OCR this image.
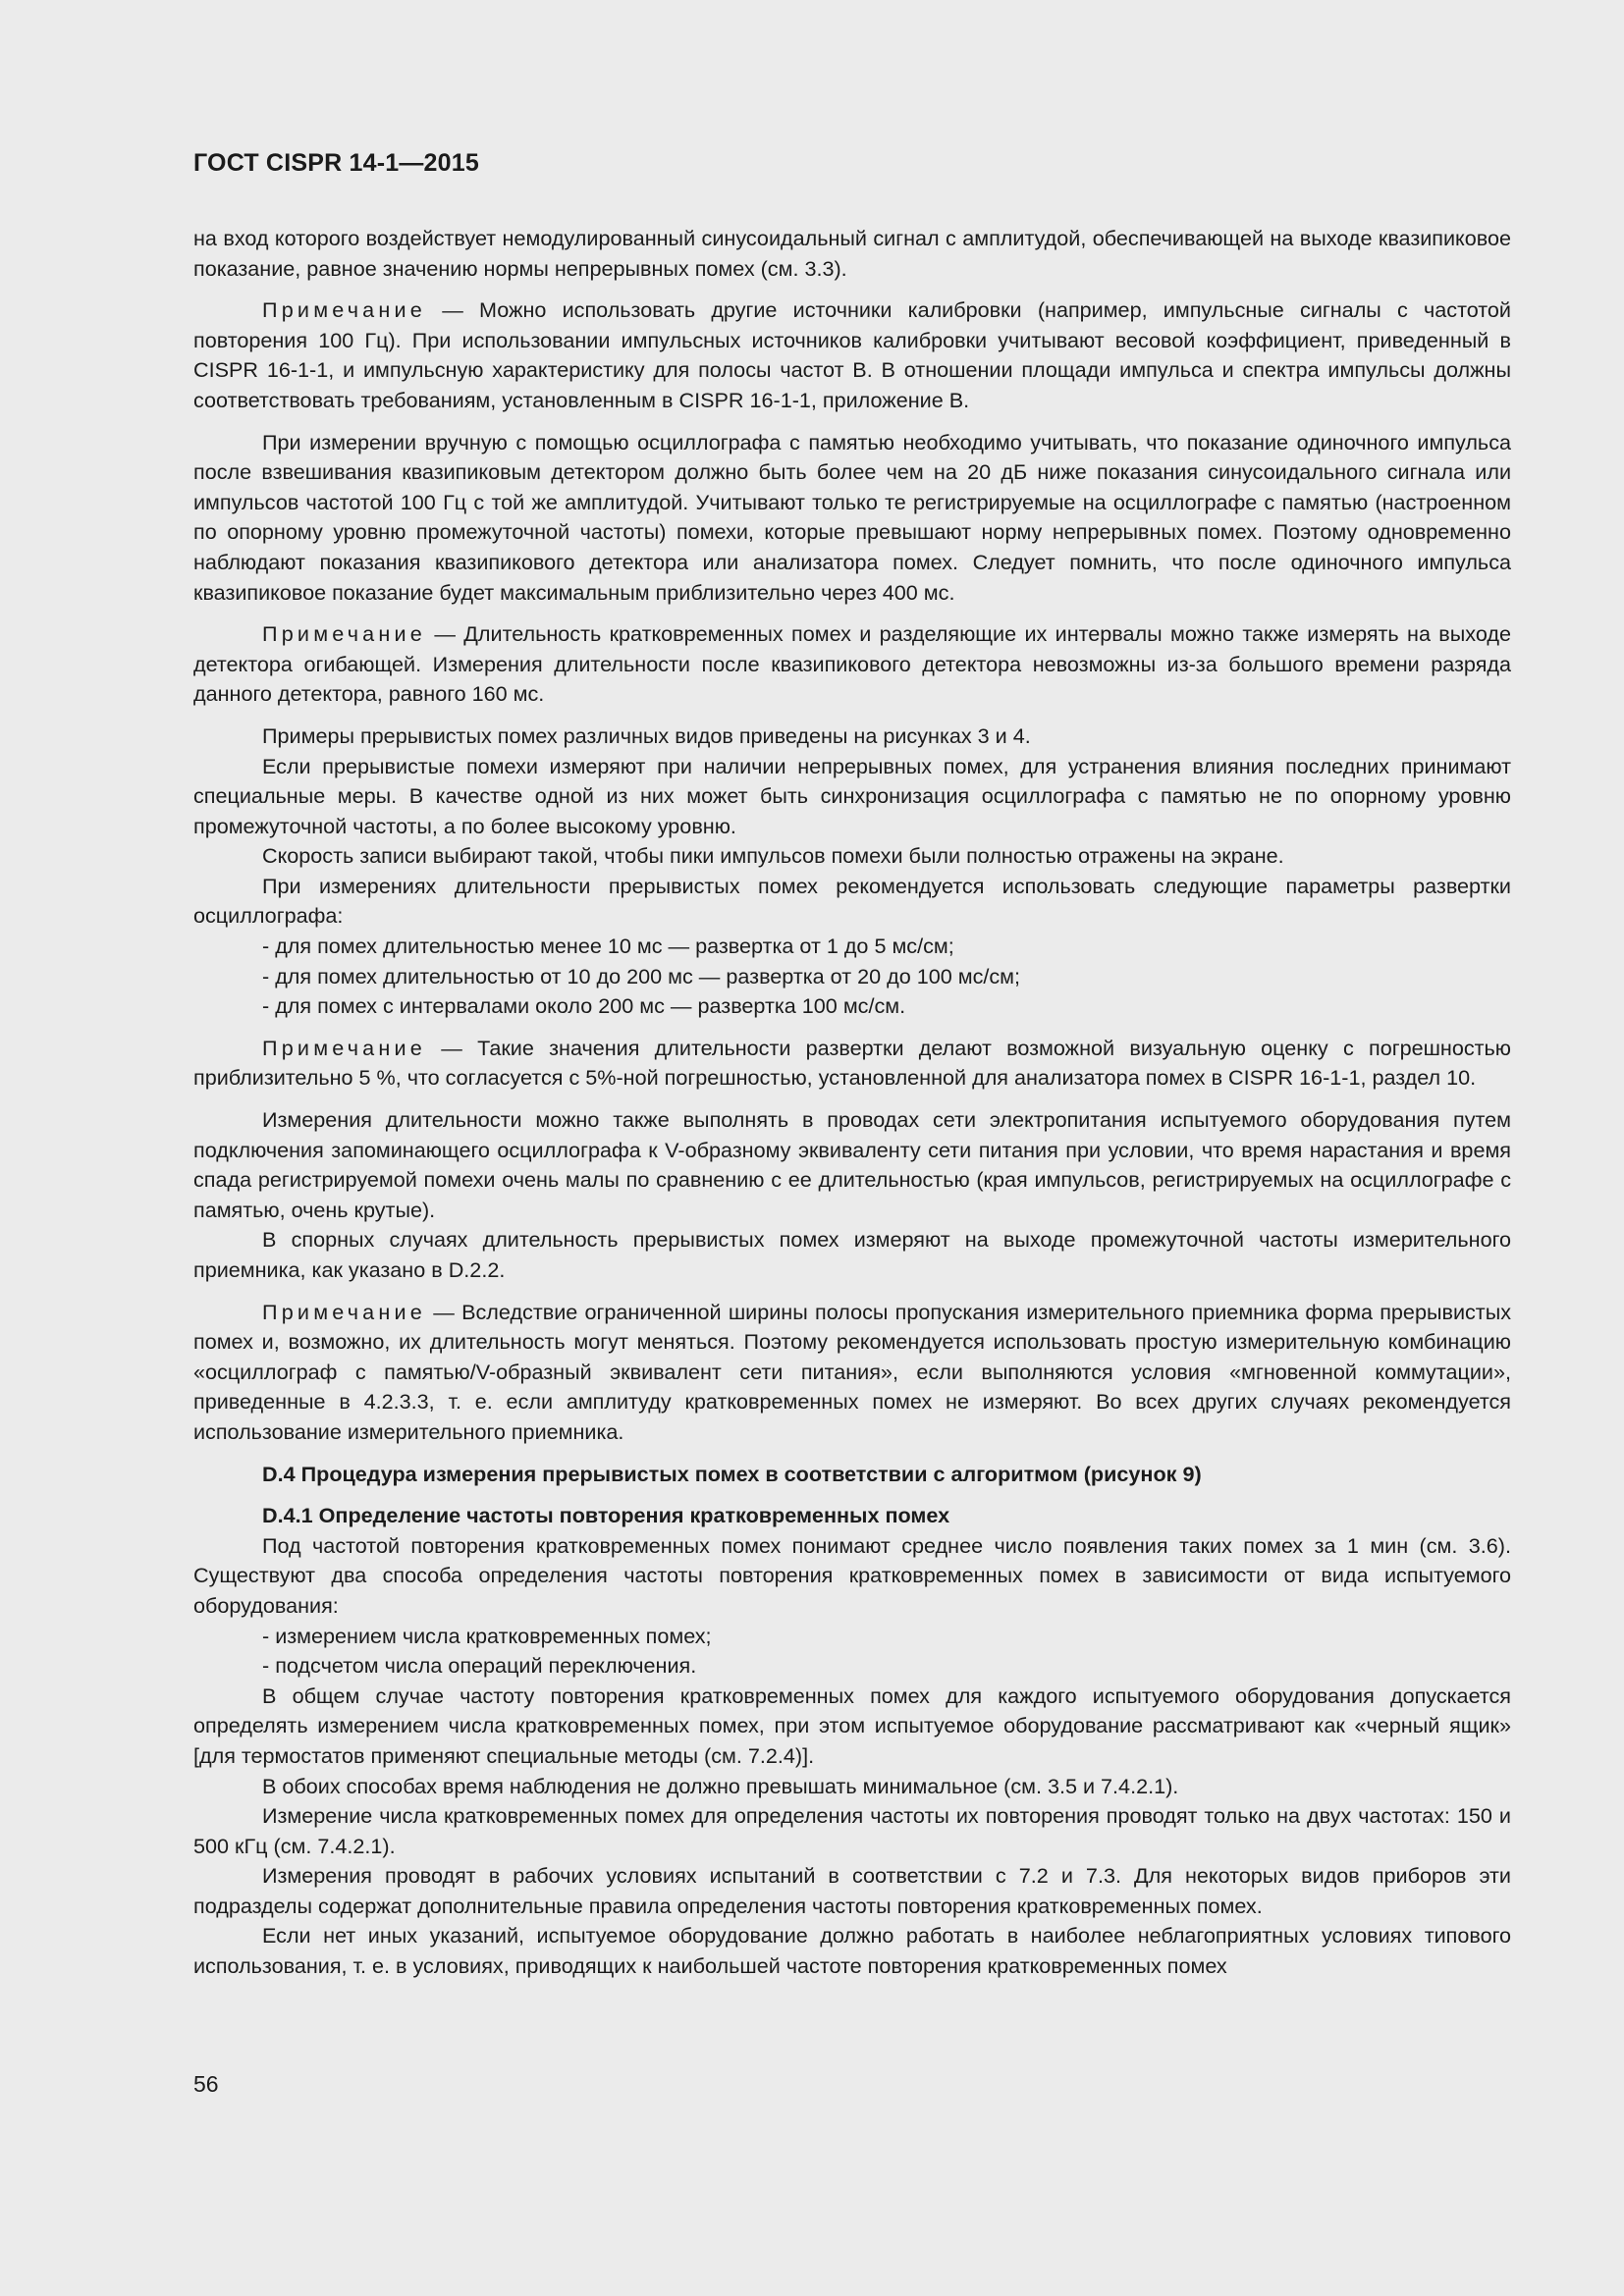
ГОСТ CISPR 14-1—2015

на вход которого воздействует немодулированный синусоидальный сигнал с амплитудой, обеспечивающей на выходе квазипиковое показание, равное значению нормы непрерывных помех (см. 3.3).

Примечание — Можно использовать другие источники калибровки (например, импульсные сигналы с частотой повторения 100 Гц). При использовании импульсных источников калибровки учитывают весовой коэффициент, приведенный в CISPR 16-1-1, и импульсную характеристику для полосы частот В. В отношении площади импульса и спектра импульсы должны соответствовать требованиям, установленным в CISPR 16-1-1, приложение В.

При измерении вручную с помощью осциллографа с памятью необходимо учитывать, что показание одиночного импульса после взвешивания квазипиковым детектором должно быть более чем на 20 дБ ниже показания синусоидального сигнала или импульсов частотой 100 Гц с той же амплитудой. Учитывают только те регистрируемые на осциллографе с памятью (настроенном по опорному уровню промежуточной частоты) помехи, которые превышают норму непрерывных помех. Поэтому одновременно наблюдают показания квазипикового детектора или анализатора помех. Следует помнить, что после одиночного импульса квазипиковое показание будет максимальным приблизительно через 400 мс.

Примечание — Длительность кратковременных помех и разделяющие их интервалы можно также измерять на выходе детектора огибающей. Измерения длительности после квазипикового детектора невозможны из-за большого времени разряда данного детектора, равного 160 мс.

Примеры прерывистых помех различных видов приведены на рисунках 3 и 4.

Если прерывистые помехи измеряют при наличии непрерывных помех, для устранения влияния последних принимают специальные меры. В качестве одной из них может быть синхронизация осциллографа с памятью не по опорному уровню промежуточной частоты, а по более высокому уровню.

Скорость записи выбирают такой, чтобы пики импульсов помехи были полностью отражены на экране.

При измерениях длительности прерывистых помех рекомендуется использовать следующие параметры развертки осциллографа:

- для помех длительностью менее 10 мс — развертка от 1 до 5 мс/см;

- для помех длительностью от 10 до 200 мс — развертка от 20 до 100 мс/см;

- для помех с интервалами около 200 мс — развертка 100 мс/см.

Примечание — Такие значения длительности развертки делают возможной визуальную оценку с погрешностью приблизительно 5 %, что согласуется с 5%-ной погрешностью, установленной для анализатора помех в CISPR 16-1-1, раздел 10.

Измерения длительности можно также выполнять в проводах сети электропитания испытуемого оборудования путем подключения запоминающего осциллографа к V-образному эквиваленту сети питания при условии, что время нарастания и время спада регистрируемой помехи очень малы по сравнению с ее длительностью (края импульсов, регистрируемых на осциллографе с памятью, очень крутые).

В спорных случаях длительность прерывистых помех измеряют на выходе промежуточной частоты измерительного приемника, как указано в D.2.2.

Примечание — Вследствие ограниченной ширины полосы пропускания измерительного приемника форма прерывистых помех и, возможно, их длительность могут меняться. Поэтому рекомендуется использовать простую измерительную комбинацию «осциллограф с памятью/V-образный эквивалент сети питания», если выполняются условия «мгновенной коммутации», приведенные в 4.2.3.3, т. е. если амплитуду кратковременных помех не измеряют. Во всех других случаях рекомендуется использование измерительного приемника.

D.4 Процедура измерения прерывистых помех в соответствии с алгоритмом (рисунок 9)

D.4.1 Определение частоты повторения кратковременных помех

Под частотой повторения кратковременных помех понимают среднее число появления таких помех за 1 мин (см. 3.6). Существуют два способа определения частоты повторения кратковременных помех в зависимости от вида испытуемого оборудования:

- измерением числа кратковременных помех;

- подсчетом числа операций переключения.

В общем случае частоту повторения кратковременных помех для каждого испытуемого оборудования допускается определять измерением числа кратковременных помех, при этом испытуемое оборудование рассматривают как «черный ящик» [для термостатов применяют специальные методы (см. 7.2.4)].

В обоих способах время наблюдения не должно превышать минимальное (см. 3.5 и 7.4.2.1).

Измерение числа кратковременных помех для определения частоты их повторения проводят только на двух частотах: 150 и 500 кГц (см. 7.4.2.1).

Измерения проводят в рабочих условиях испытаний в соответствии с 7.2 и 7.3. Для некоторых видов приборов эти подразделы содержат дополнительные правила определения частоты повторения кратковременных помех.

Если нет иных указаний, испытуемое оборудование должно работать в наиболее неблагоприятных условиях типового использования, т. е. в условиях, приводящих к наибольшей частоте повторения кратковременных помех

56
